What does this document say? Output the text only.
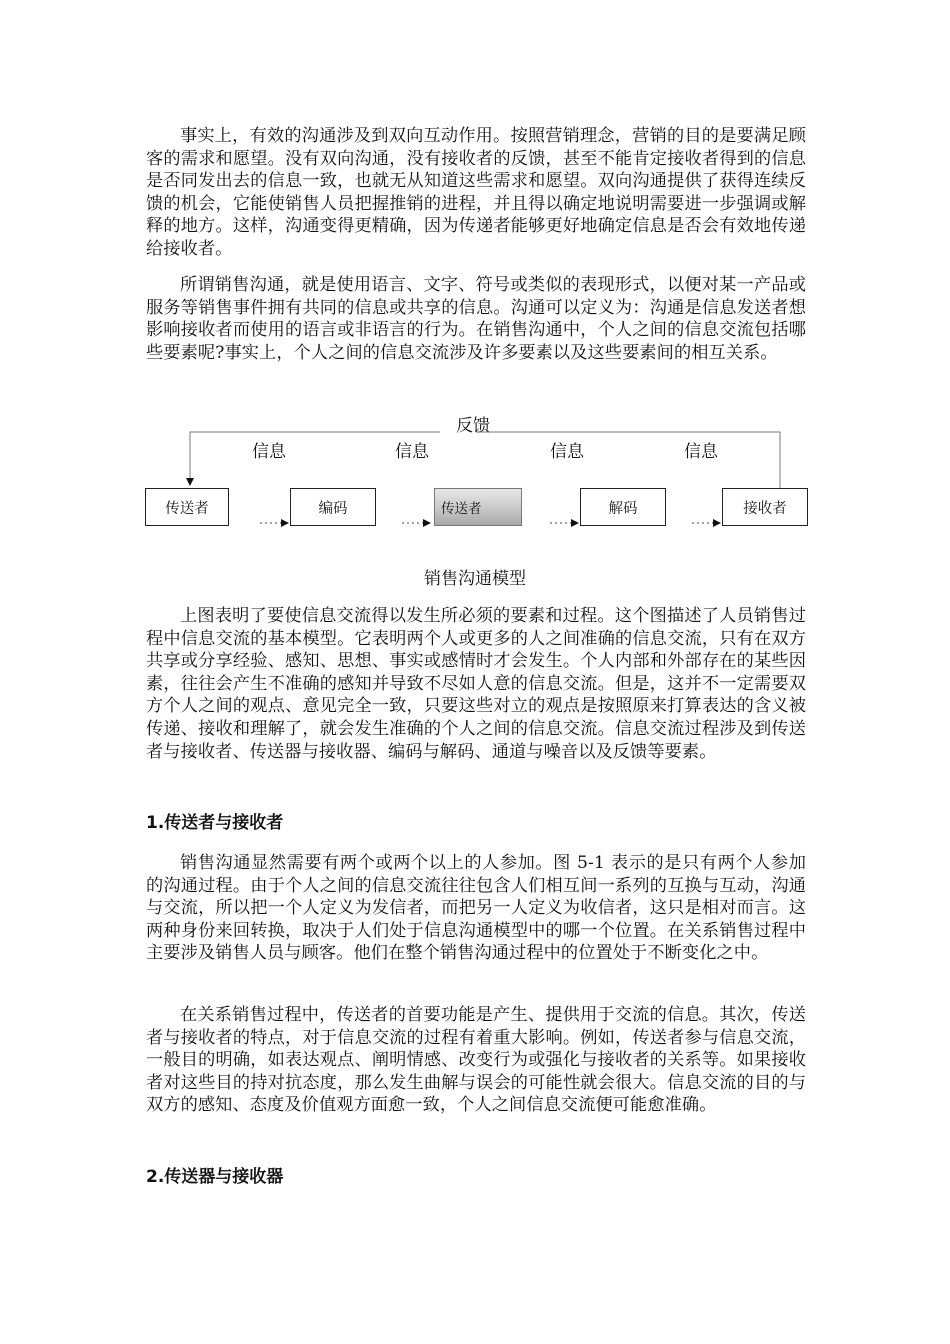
事实上，有效的沟通涉及到双向互动作用。按照营销理念，营销的目的是要满足顾客的需求和愿望。没有双向沟通，没有接收者的反馈，甚至不能肯定接收者得到的信息是否同发出去的信息一致，也就无从知道这些需求和愿望。双向沟通提供了获得连续反馈的机会，它能使销售人员把握推销的进程，并且得以确定地说明需要进一步强调或解释的地方。这样，沟通变得更精确，因为传递者能够更好地确定信息是否会有效地传递给接收者。

所谓销售沟通，就是使用语言、文字、符号或类似的表现形式，以便对某一产品或服务等销售事件拥有共同的信息或共享的信息。沟通可以定义为：沟通是信息发送者想影响接收者而使用的语言或非语言的行为。在销售沟通中，个人之间的信息交流包括哪些要素呢?事实上，个人之间的信息交流涉及许多要素以及这些要素间的相互关系。

反馈
信息	信息	信息	信息
传送者	编码	传送者	解码	接收者

销售沟通模型

上图表明了要使信息交流得以发生所必须的要素和过程。这个图描述了人员销售过程中信息交流的基本模型。它表明两个人或更多的人之间准确的信息交流，只有在双方共享或分享经验、感知、思想、事实或感情时才会发生。个人内部和外部存在的某些因素，往往会产生不准确的感知并导致不尽如人意的信息交流。但是，这并不一定需要双方个人之间的观点、意见完全一致，只要这些对立的观点是按照原来打算表达的含义被传递、接收和理解了，就会发生准确的个人之间的信息交流。信息交流过程涉及到传送者与接收者、传送器与接收器、编码与解码、通道与噪音以及反馈等要素。

1.传送者与接收者

销售沟通显然需要有两个或两个以上的人参加。图 5-1 表示的是只有两个人参加的沟通过程。由于个人之间的信息交流往往包含人们相互间一系列的互换与互动，沟通与交流，所以把一个人定义为发信者，而把另一人定义为收信者，这只是相对而言。这两种身份来回转换，取决于人们处于信息沟通模型中的哪一个位置。在关系销售过程中主要涉及销售人员与顾客。他们在整个销售沟通过程中的位置处于不断变化之中。

在关系销售过程中，传送者的首要功能是产生、提供用于交流的信息。其次，传送者与接收者的特点，对于信息交流的过程有着重大影响。例如，传送者参与信息交流，一般目的明确，如表达观点、阐明情感、改变行为或强化与接收者的关系等。如果接收者对这些目的持对抗态度，那么发生曲解与误会的可能性就会很大。信息交流的目的与双方的感知、态度及价值观方面愈一致，个人之间信息交流便可能愈准确。

2.传送器与接收器
